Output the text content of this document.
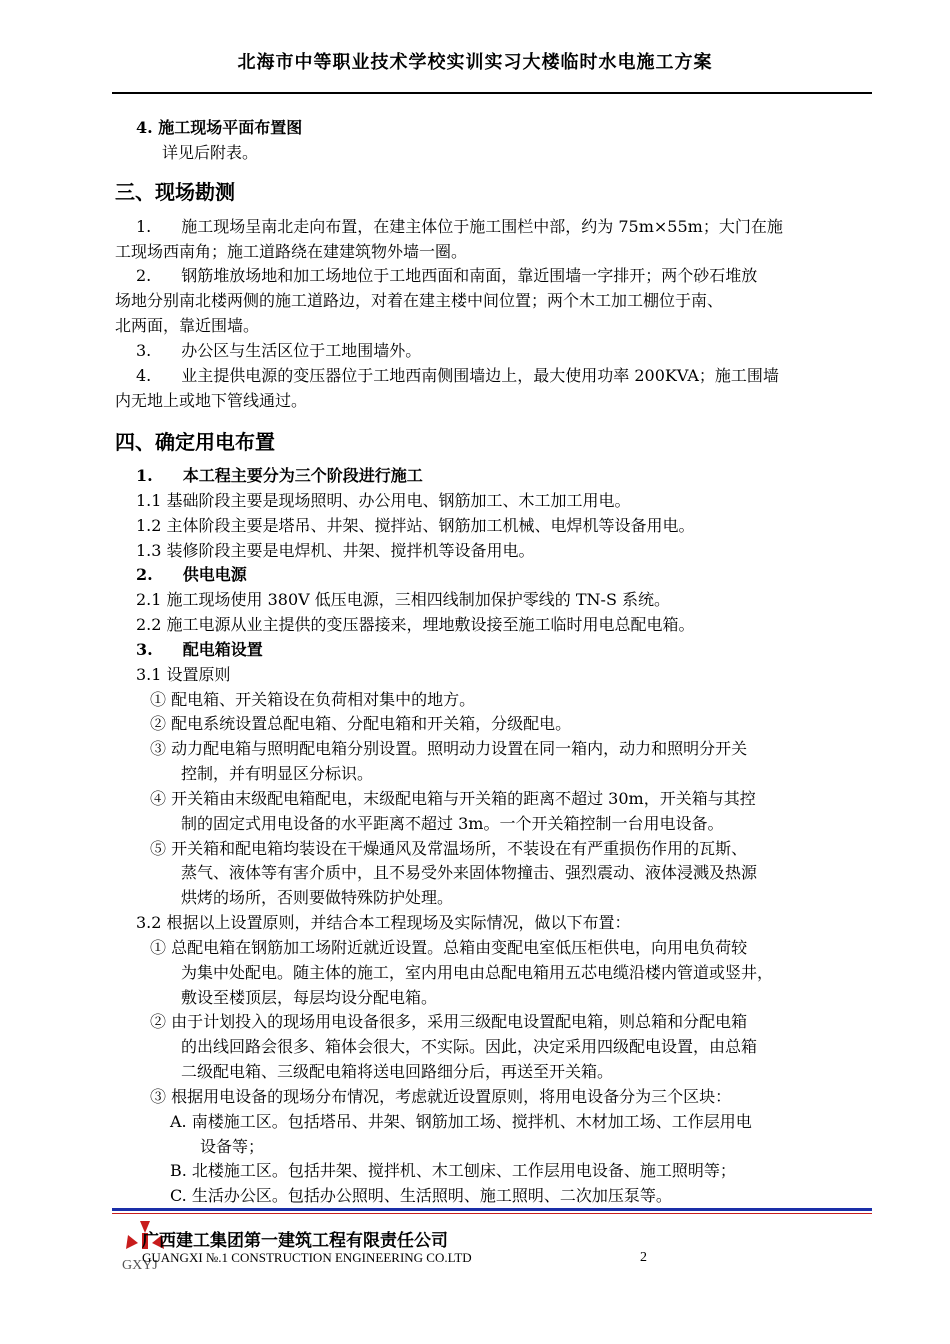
北海市中等职业技术学校实训实习大楼临时水电施工方案
4. 施工现场平面布置图
详见后附表。
1. 施工现场呈南北走向布置，在建主体位于施工围栏中部，约为 75m×55m；大门在施
工现场西南角；施工道路绕在建建筑物外墙一圈。
2. 钢筋堆放场地和加工场地位于工地西面和南面，靠近围墙一字排开；两个砂石堆放
场地分别南北楼两侧的施工道路边，对着在建主楼中间位置；两个木工加工棚位于南、
北两面，靠近围墙。
3. 办公区与生活区位于工地围墙外。
4. 业主提供电源的变压器位于工地西南侧围墙边上，最大使用功率 200KVA；施工围墙
内无地上或地下管线通过。
1. 本工程主要分为三个阶段进行施工
1.1 基础阶段主要是现场照明、办公用电、钢筋加工、木工加工用电。
1.2 主体阶段主要是塔吊、井架、搅拌站、钢筋加工机械、电焊机等设备用电。
1.3 装修阶段主要是电焊机、井架、搅拌机等设备用电。
2. 供电电源
2.1 施工现场使用 380V 低压电源，三相四线制加保护零线的 TN-S 系统。
2.2 施工电源从业主提供的变压器接来，埋地敷设接至施工临时用电总配电箱。
3. 配电箱设置
3.1 设置原则
① 配电箱、开关箱设在负荷相对集中的地方。
② 配电系统设置总配电箱、分配电箱和开关箱，分级配电。
③ 动力配电箱与照明配电箱分别设置。照明动力设置在同一箱内，动力和照明分开关
控制，并有明显区分标识。
④ 开关箱由末级配电箱配电，末级配电箱与开关箱的距离不超过 30m，开关箱与其控
制的固定式用电设备的水平距离不超过 3m。一个开关箱控制一台用电设备。
⑤ 开关箱和配电箱均装设在干燥通风及常温场所，不装设在有严重损伤作用的瓦斯、
蒸气、液体等有害介质中，且不易受外来固体物撞击、强烈震动、液体浸溅及热源
烘烤的场所，否则要做特殊防护处理。
3.2 根据以上设置原则，并结合本工程现场及实际情况，做以下布置：
① 总配电箱在钢筋加工场附近就近设置。总箱由变配电室低压柜供电，向用电负荷较
为集中处配电。随主体的施工，室内用电由总配电箱用五芯电缆沿楼内管道或竖井，
敷设至楼顶层，每层均设分配电箱。
② 由于计划投入的现场用电设备很多，采用三级配电设置配电箱，则总箱和分配电箱
的出线回路会很多、箱体会很大，不实际。因此，决定采用四级配电设置，由总箱
二级配电箱、三级配电箱将送电回路细分后，再送至开关箱。
③ 根据用电设备的现场分布情况，考虑就近设置原则，将用电设备分为三个区块：
A. 南楼施工区。包括塔吊、井架、钢筋加工场、搅拌机、木材加工场、工作层用电
设备等；
B. 北楼施工区。包括井架、搅拌机、木工刨床、工作层用电设备、施工照明等；
C. 生活办公区。包括办公照明、生活照明、施工照明、二次加压泵等。
三、现场勘测
四、确定用电布置
GXYJ
广西建工集团第一建筑工程有限责任公司
GUANGXI №.1 CONSTRUCTION ENGINEERING CO.LTD	2
